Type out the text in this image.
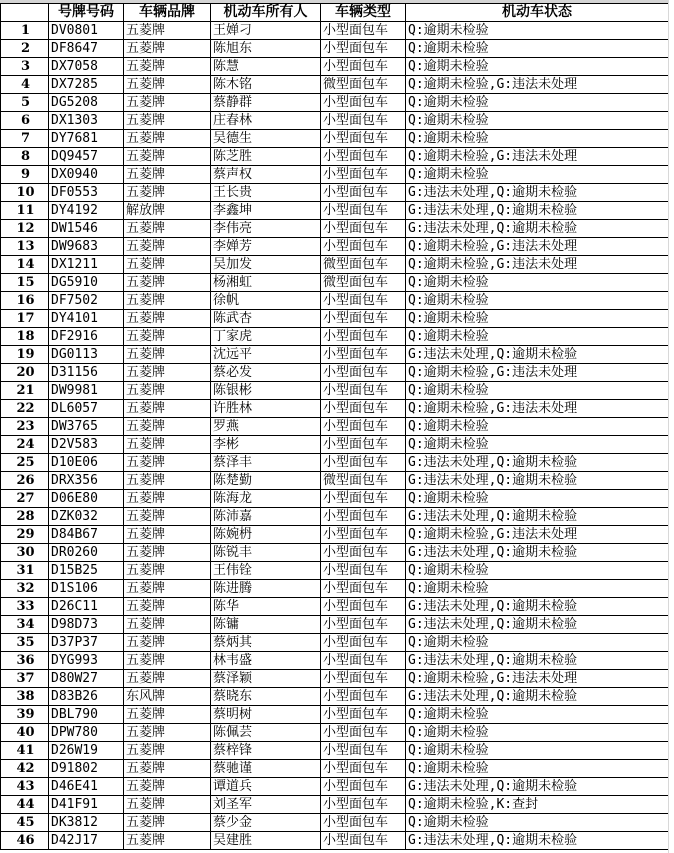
	号牌号码	车辆品牌	机动车所有人	车辆类型	机动车状态
1	DV0801	五菱牌	王婵刁	小型面包车	Q:逾期未检验
2	DF8647	五菱牌	陈旭东	小型面包车	Q:逾期未检验
3	DX7058	五菱牌	陈慧	小型面包车	Q:逾期未检验
4	DX7285	五菱牌	陈木铭	微型面包车	Q:逾期未检验,G:违法未处理
5	DG5208	五菱牌	蔡静群	小型面包车	Q:逾期未检验
6	DX1303	五菱牌	庄春林	小型面包车	Q:逾期未检验
7	DY7681	五菱牌	吴德生	小型面包车	Q:逾期未检验
8	DQ9457	五菱牌	陈芝胜	小型面包车	Q:逾期未检验,G:违法未处理
9	DX0940	五菱牌	蔡声权	小型面包车	Q:逾期未检验
10	DF0553	五菱牌	王长贵	小型面包车	G:违法未处理,Q:逾期未检验
11	DY4192	解放牌	李鑫坤	小型面包车	G:违法未处理,Q:逾期未检验
12	DW1546	五菱牌	李伟亮	小型面包车	G:违法未处理,Q:逾期未检验
13	DW9683	五菱牌	李婵芳	小型面包车	Q:逾期未检验,G:违法未处理
14	DX1211	五菱牌	吴加发	微型面包车	Q:逾期未检验,G:违法未处理
15	DG5910	五菱牌	杨湘虹	微型面包车	Q:逾期未检验
16	DF7502	五菱牌	徐帆	小型面包车	Q:逾期未检验
17	DY4101	五菱牌	陈武杏	小型面包车	Q:逾期未检验
18	DF2916	五菱牌	丁家虎	小型面包车	Q:逾期未检验
19	DG0113	五菱牌	沈远平	小型面包车	G:违法未处理,Q:逾期未检验
20	D31156	五菱牌	蔡必发	小型面包车	Q:逾期未检验,G:违法未处理
21	DW9981	五菱牌	陈银彬	小型面包车	Q:逾期未检验
22	DL6057	五菱牌	许胜林	小型面包车	Q:逾期未检验,G:违法未处理
23	DW3765	五菱牌	罗燕	小型面包车	Q:逾期未检验
24	D2V583	五菱牌	李彬	小型面包车	Q:逾期未检验
25	D10E06	五菱牌	蔡泽丰	小型面包车	G:违法未处理,Q:逾期未检验
26	DRX356	五菱牌	陈楚勤	微型面包车	G:违法未处理,Q:逾期未检验
27	D06E80	五菱牌	陈海龙	小型面包车	Q:逾期未检验
28	DZK032	五菱牌	陈沛嘉	小型面包车	G:违法未处理,Q:逾期未检验
29	D84B67	五菱牌	陈婉枬	小型面包车	Q:逾期未检验,G:违法未处理
30	DR0260	五菱牌	陈锐丰	小型面包车	G:违法未处理,Q:逾期未检验
31	D15B25	五菱牌	王伟铨	小型面包车	Q:逾期未检验
32	D1S106	五菱牌	陈进腾	小型面包车	Q:逾期未检验
33	D26C11	五菱牌	陈华	小型面包车	G:违法未处理,Q:逾期未检验
34	D98D73	五菱牌	陈镛	小型面包车	G:违法未处理,Q:逾期未检验
35	D37P37	五菱牌	蔡炳其	小型面包车	Q:逾期未检验
36	DYG993	五菱牌	林韦盛	小型面包车	G:违法未处理,Q:逾期未检验
37	D80W27	五菱牌	蔡泽颖	小型面包车	Q:逾期未检验,G:违法未处理
38	D83B26	东风牌	蔡晓东	小型面包车	G:违法未处理,Q:逾期未检验
39	DBL790	五菱牌	蔡明树	小型面包车	Q:逾期未检验
40	DPW780	五菱牌	陈佩芸	小型面包车	Q:逾期未检验
41	D26W19	五菱牌	蔡梓锋	小型面包车	Q:逾期未检验
42	D91802	五菱牌	蔡驰谨	小型面包车	Q:逾期未检验
43	D46E41	五菱牌	谭道兵	小型面包车	G:违法未处理,Q:逾期未检验
44	D41F91	五菱牌	刘圣军	小型面包车	Q:逾期未检验,K:查封
45	DK3812	五菱牌	蔡少金	小型面包车	Q:逾期未检验
46	D42J17	五菱牌	吴建胜	小型面包车	G:违法未处理,Q:逾期未检验
